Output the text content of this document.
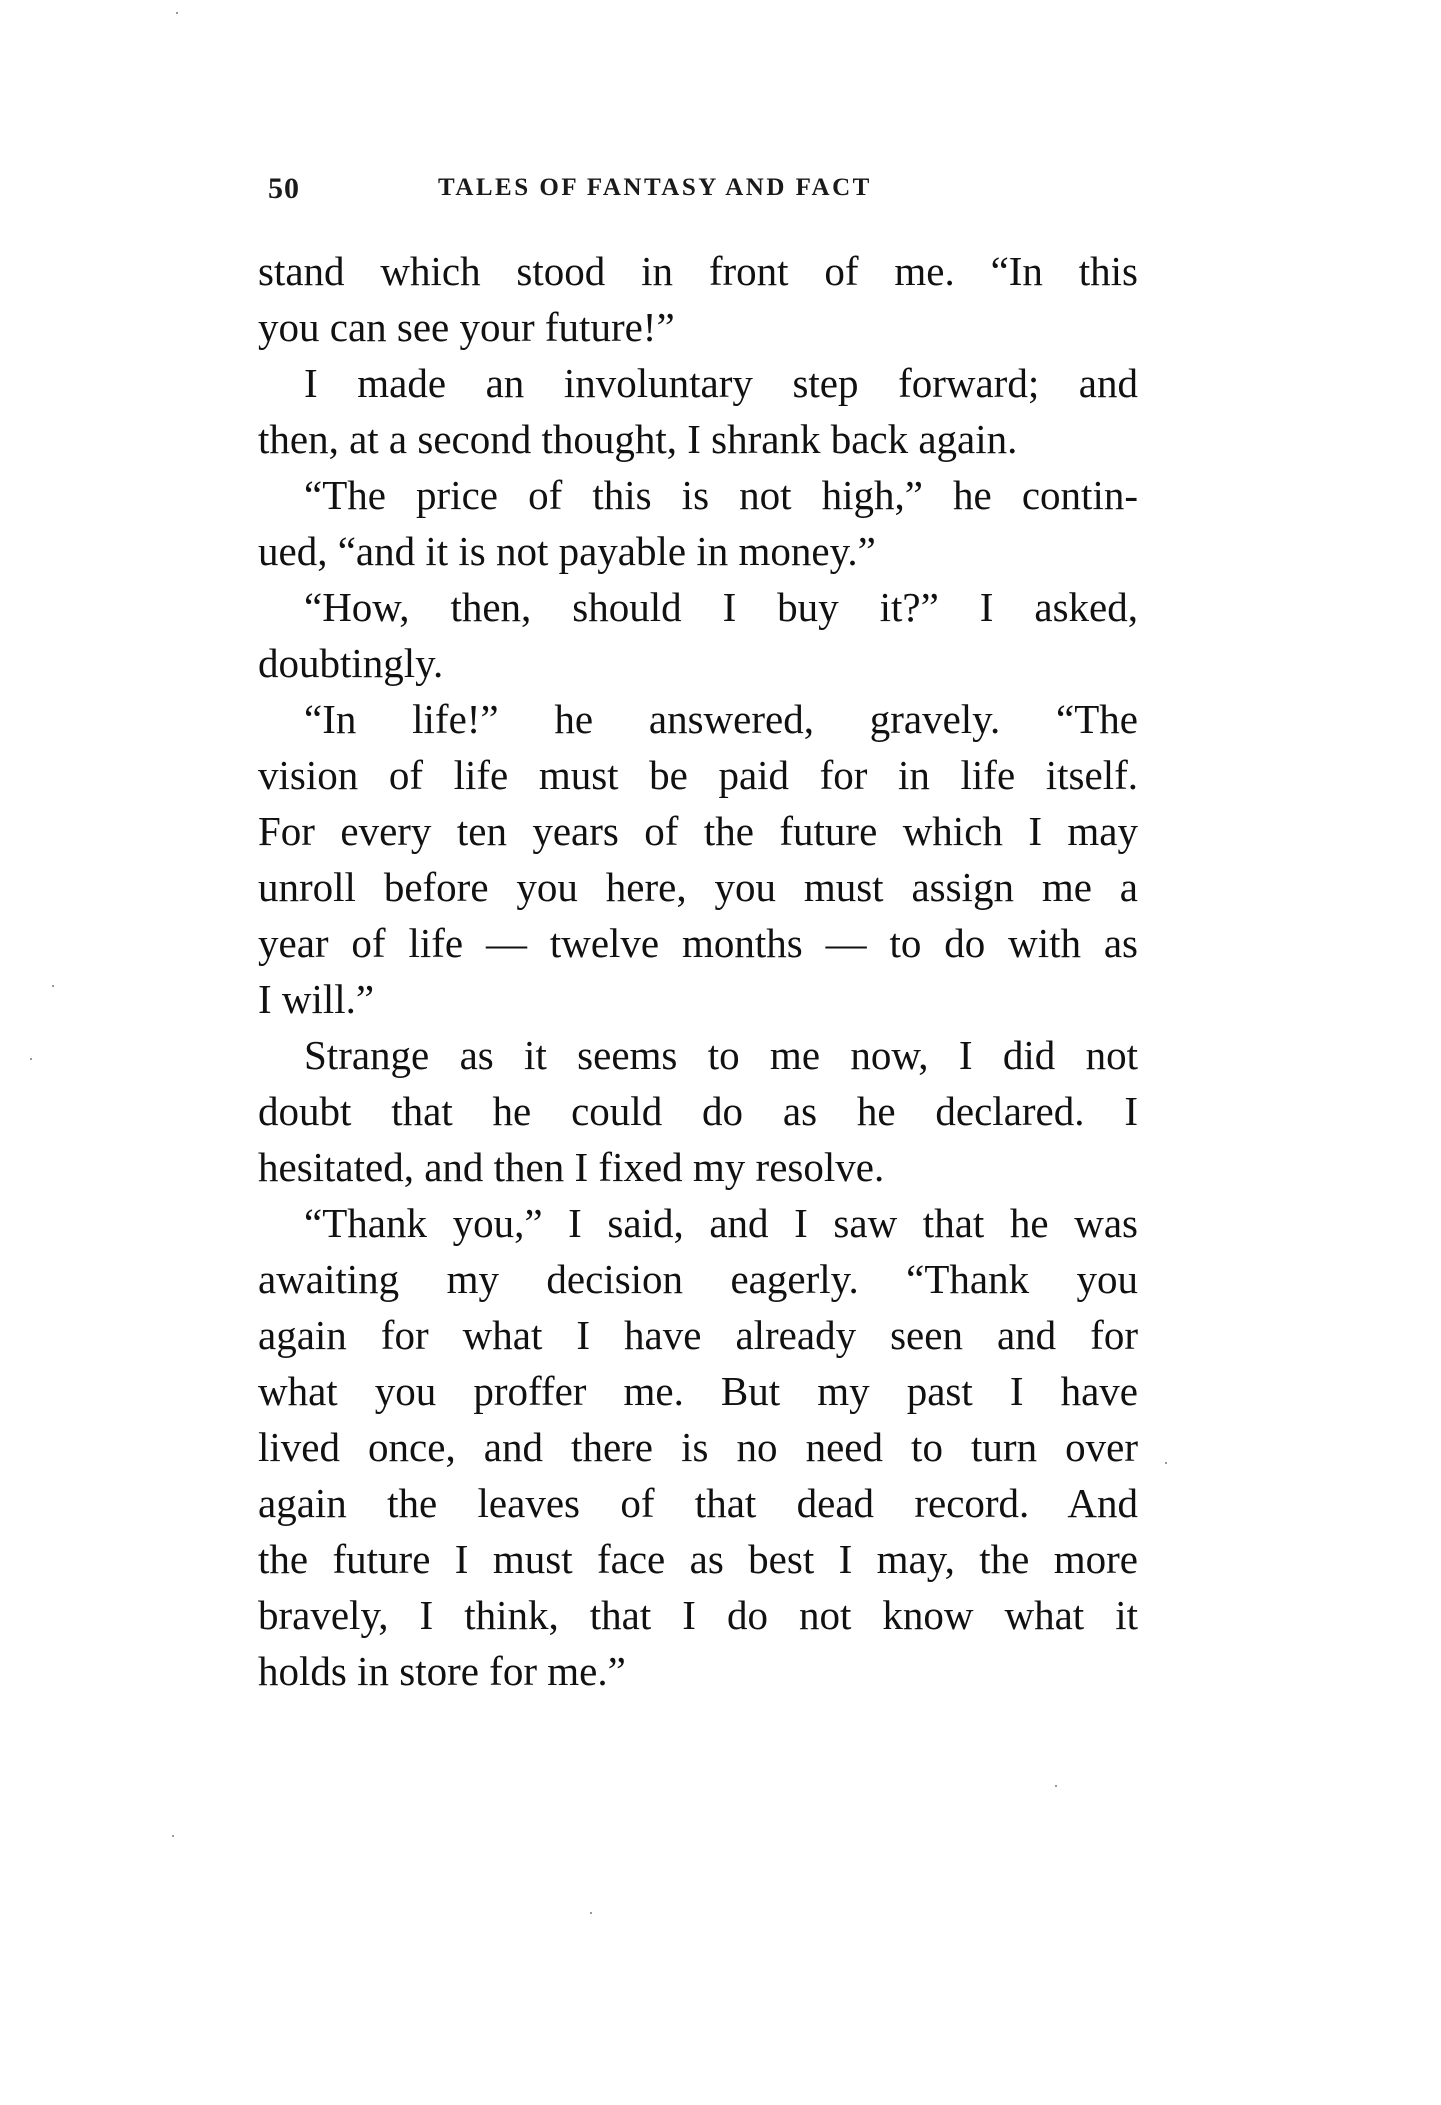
50	TALES OF FANTASY AND FACT
stand which stood in front of me. “In this
you can see your future!”
I made an involuntary step forward; and
then, at a second thought, I shrank back again.
“The price of this is not high,” he contin-
ued, “and it is not payable in money.”
“How, then, should I buy it?” I asked,
doubtingly.
“In life!” he answered, gravely. “The
vision of life must be paid for in life itself.
For every ten years of the future which I may
unroll before you here, you must assign me a
year of life — twelve months — to do with as
I will.”
Strange as it seems to me now, I did not
doubt that he could do as he declared. I
hesitated, and then I fixed my resolve.
“Thank you,” I said, and I saw that he was
awaiting my decision eagerly. “Thank you
again for what I have already seen and for
what you proffer me. But my past I have
lived once, and there is no need to turn over
again the leaves of that dead record. And
the future I must face as best I may, the more
bravely, I think, that I do not know what it
holds in store for me.”
